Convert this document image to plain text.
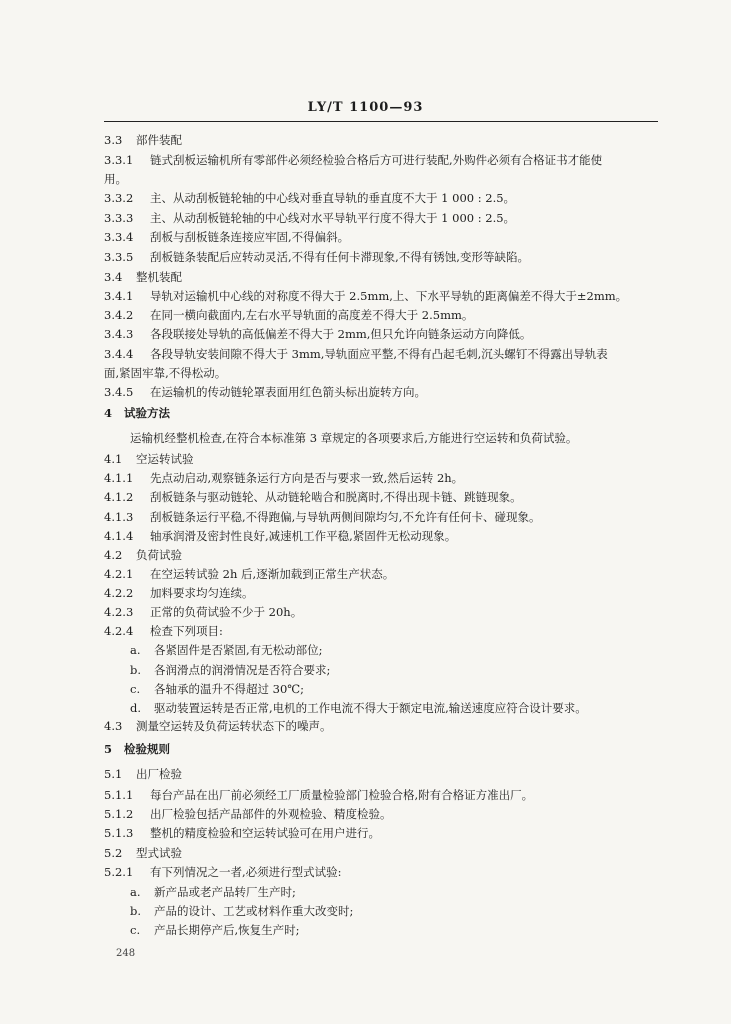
LY/T 1100—93
3.3 部件装配
3.3.1 链式刮板运输机所有零部件必须经检验合格后方可进行装配,外购件必须有合格证书才能使
用。
3.3.2 主、从动刮板链轮轴的中心线对垂直导轨的垂直度不大于 1 000 : 2.5。
3.3.3 主、从动刮板链轮轴的中心线对水平导轨平行度不得大于 1 000 : 2.5。
3.3.4 刮板与刮板链条连接应牢固,不得偏斜。
3.3.5 刮板链条装配后应转动灵活,不得有任何卡滞现象,不得有锈蚀,变形等缺陷。
3.4 整机装配
3.4.1 导轨对运输机中心线的对称度不得大于 2.5mm,上、下水平导轨的距离偏差不得大于±2mm。
3.4.2 在同一横向截面内,左右水平导轨面的高度差不得大于 2.5mm。
3.4.3 各段联接处导轨的高低偏差不得大于 2mm,但只允许向链条运动方向降低。
3.4.4 各段导轨安装间隙不得大于 3mm,导轨面应平整,不得有凸起毛刺,沉头螺钉不得露出导轨表
面,紧固牢靠,不得松动。
3.4.5 在运输机的传动链轮罩表面用红色箭头标出旋转方向。
4 试验方法
运输机经整机检查,在符合本标准第 3 章规定的各项要求后,方能进行空运转和负荷试验。
4.1 空运转试验
4.1.1 先点动启动,观察链条运行方向是否与要求一致,然后运转 2h。
4.1.2 刮板链条与驱动链轮、从动链轮啮合和脱离时,不得出现卡链、跳链现象。
4.1.3 刮板链条运行平稳,不得跑偏,与导轨两侧间隙均匀,不允许有任何卡、碰现象。
4.1.4 轴承润滑及密封性良好,减速机工作平稳,紧固件无松动现象。
4.2 负荷试验
4.2.1 在空运转试验 2h 后,逐渐加载到正常生产状态。
4.2.2 加料要求均匀连续。
4.2.3 正常的负荷试验不少于 20h。
4.2.4 检查下列项目:
a. 各紧固件是否紧固,有无松动部位;
b. 各润滑点的润滑情况是否符合要求;
c. 各轴承的温升不得超过 30℃;
d. 驱动装置运转是否正常,电机的工作电流不得大于额定电流,输送速度应符合设计要求。
4.3 测量空运转及负荷运转状态下的噪声。
5 检验规则
5.1 出厂检验
5.1.1 每台产品在出厂前必须经工厂质量检验部门检验合格,附有合格证方准出厂。
5.1.2 出厂检验包括产品部件的外观检验、精度检验。
5.1.3 整机的精度检验和空运转试验可在用户进行。
5.2 型式试验
5.2.1 有下列情况之一者,必须进行型式试验:
a. 新产品或老产品转厂生产时;
b. 产品的设计、工艺或材料作重大改变时;
c. 产品长期停产后,恢复生产时;
248
